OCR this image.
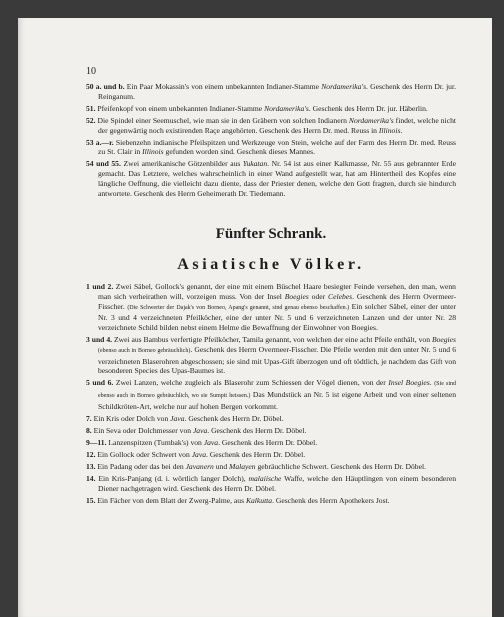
10

50 a. und b. Ein Paar Mokassin's von einem unbekannten Indianer-Stamme Nordamerika's. Geschenk des Herrn Dr. jur. Reinganum.

51. Pfeifenkopf von einem unbekannten Indianer-Stamme Nordamerika's. Geschenk des Herrn Dr. jur. Häberlin.

52. Die Spindel einer Seemuschel, wie man sie in den Gräbern von solchen Indianern Nordamerika's findet, welche nicht der gegenwärtig noch existirenden Raçe angehörten. Geschenk des Herrn Dr. med. Reuss in Illinois.

53 a.—r. Siebenzehn indianische Pfeilspitzen und Werkzeuge von Stein, welche auf der Farm des Herrn Dr. med. Reuss zu St. Clair in Illinois gefunden worden sind. Geschenk dieses Mannes.

54 und 55. Zwei amerikanische Götzenbilder aus Yukatan. Nr. 54 ist aus einer Kalkmasse, Nr. 55 aus gebrannter Erde gemacht. Das Letztere, welches wahrscheinlich in einer Wand aufgestellt war, hat am Hintertheil des Kopfes eine längliche Oeffnung, die vielleicht dazu diente, dass der Priester denen, welche den Gott fragten, durch sie hindurch antwortete. Geschenk des Herrn Geheimerath Dr. Tiedemann.

Fünfter Schrank.
Asiatische Völker.

1 und 2. Zwei Säbel, Gollock's genannt, der eine mit einem Büschel Haare besiegter Feinde versehen, den man, wenn man sich verheirathen will, vorzeigen muss. Von der Insel Boegies oder Celebes. Geschenk des Herrn Overmeer-Fisscher. (Die Schwerter der Dajak's von Borneo, Apang's genannt, sind genau ebenso beschaffen.) Ein solcher Säbel, einer der unter Nr. 3 und 4 verzeichneten Pfeilköcher, eine der unter Nr. 5 und 6 verzeichneten Lanzen und der unter Nr. 28 verzeichnete Schild bilden nebst einem Helme die Bewaffnung der Einwohner von Boegies.

3 und 4. Zwei aus Bambus verfertigte Pfeilköcher, Tamila genannt, von welchen der eine acht Pfeile enthält, von Boegies (ebenso auch in Borneo gebräuchlich). Geschenk des Herrn Overmeer-Fisscher. Die Pfeile werden mit den unter Nr. 5 und 6 verzeichneten Blaserohren abgeschossen; sie sind mit Upas-Gift überzogen und oft tödtlich, je nachdem das Gift von besonderen Species des Upas-Baumes ist.

5 und 6. Zwei Lanzen, welche zugleich als Blaserohr zum Schiessen der Vögel dienen, von der Insel Boegies. (Sie sind ebenso auch in Borneo gebräuchlich, wo sie Sumpit heissen.) Das Mundstück an Nr. 5 ist eigene Arbeit und von einer seltenen Schildkröten-Art, welche nur auf hohen Bergen vorkommt.

7. Ein Kris oder Dolch von Java. Geschenk des Herrn Dr. Döbel.

8. Ein Seva oder Dolchmesser von Java. Geschenk des Herrn Dr. Döbel.

9—11. Lanzenspitzen (Tumbak's) von Java. Geschenk des Herrn Dr. Döbel.

12. Ein Gollock oder Schwert von Java. Geschenk des Herrn Dr. Döbel.

13. Ein Padang oder das bei den Javanern und Malayen gebräuchliche Schwert. Geschenk des Herrn Dr. Döbel.

14. Ein Kris-Panjang (d. i. wörtlich langer Dolch), malaiische Waffe, welche den Häuptlingen von einem besonderen Diener nachgetragen wird. Geschenk des Herrn Dr. Döbel.

15. Ein Fächer von dem Blatt der Zwerg-Palme, aus Kalkutta. Geschenk des Herrn Apothekers Jost.
